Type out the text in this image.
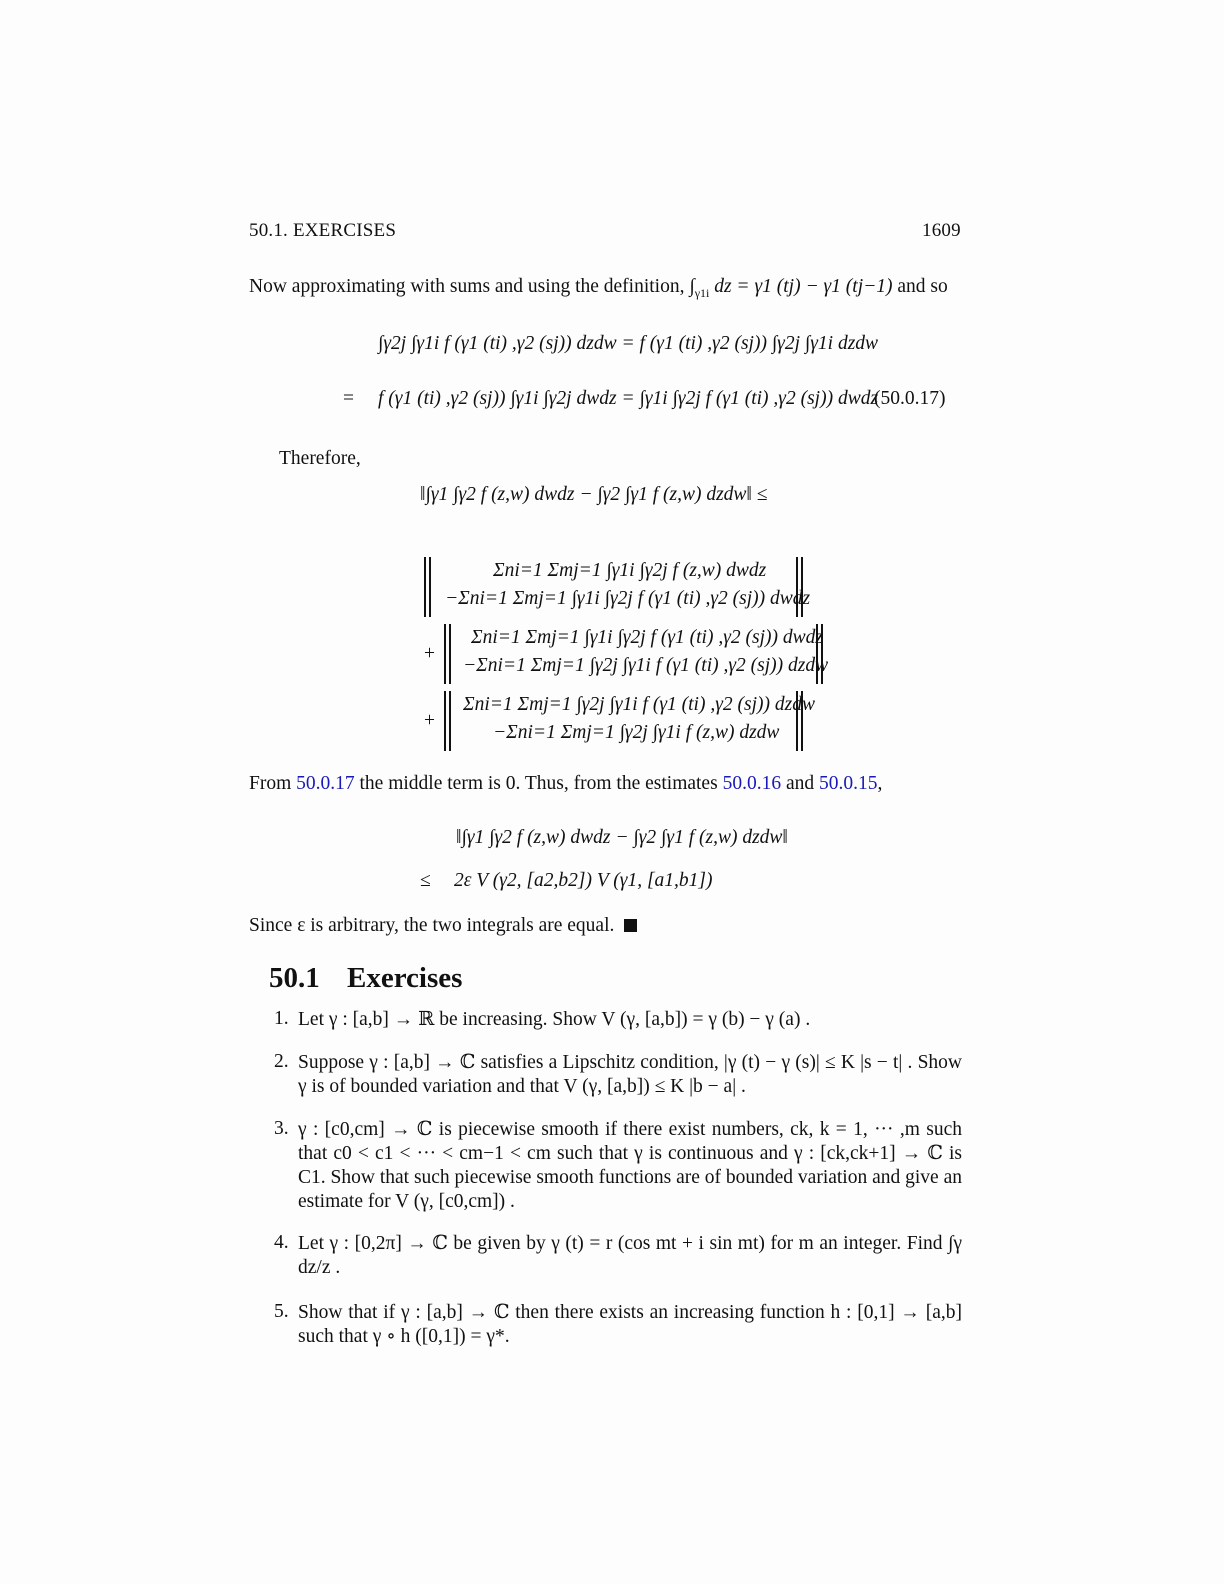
50.1. EXERCISES	1609
Now approximating with sums and using the definition, $\int_{\gamma 1i}$ dz = γ1 (tj) − γ1 (tj−1) and so
∫γ2j ∫γ1i f (γ1 (ti) ,γ2 (sj)) dzdw = f (γ1 (ti) ,γ2 (sj)) ∫γ2j ∫γ1i dzdw
= f (γ1 (ti) ,γ2 (sj)) ∫γ1i ∫γ2j dwdz = ∫γ1i ∫γ2j f (γ1 (ti) ,γ2 (sj)) dwdz
(50.0.17)
Therefore,
‖∫γ1 ∫γ2 f (z,w) dwdz − ∫γ2 ∫γ1 f (z,w) dzdw‖ ≤
Σni=1 Σmj=1 ∫γ1i ∫γ2j f (z,w) dwdz
−Σni=1 Σmj=1 ∫γ1i ∫γ2j f (γ1 (ti) ,γ2 (sj)) dwdz
+
Σni=1 Σmj=1 ∫γ1i ∫γ2j f (γ1 (ti) ,γ2 (sj)) dwdz
−Σni=1 Σmj=1 ∫γ2j ∫γ1i f (γ1 (ti) ,γ2 (sj)) dzdw
+
Σni=1 Σmj=1 ∫γ2j ∫γ1i f (γ1 (ti) ,γ2 (sj)) dzdw
−Σni=1 Σmj=1 ∫γ2j ∫γ1i f (z,w) dzdw
From 50.0.17 the middle term is 0. Thus, from the estimates 50.0.16 and 50.0.15,
‖∫γ1 ∫γ2 f (z,w) dwdz − ∫γ2 ∫γ1 f (z,w) dzdw‖
≤ 2ε V (γ2, [a2,b2]) V (γ1, [a1,b1])
Since ε is arbitrary, the two integrals are equal.
50.1 Exercises
1. Let γ : [a,b] → ℝ be increasing. Show V (γ, [a,b]) = γ (b) − γ (a) .
2. Suppose γ : [a,b] → ℂ satisfies a Lipschitz condition, |γ (t) − γ (s)| ≤ K |s − t| . Show γ is of bounded variation and that V (γ, [a,b]) ≤ K |b − a| .
3. γ : [c0,cm] → ℂ is piecewise smooth if there exist numbers, ck, k = 1, ··· ,m such that c0 < c1 < ··· < cm−1 < cm such that γ is continuous and γ : [ck,ck+1] → ℂ is C1. Show that such piecewise smooth functions are of bounded variation and give an estimate for V (γ, [c0,cm]) .
4. Let γ : [0,2π] → ℂ be given by γ (t) = r (cos mt + i sin mt) for m an integer. Find ∫γ dz/z .
5. Show that if γ : [a,b] → ℂ then there exists an increasing function h : [0,1] → [a,b] such that γ ∘ h ([0,1]) = γ*.
